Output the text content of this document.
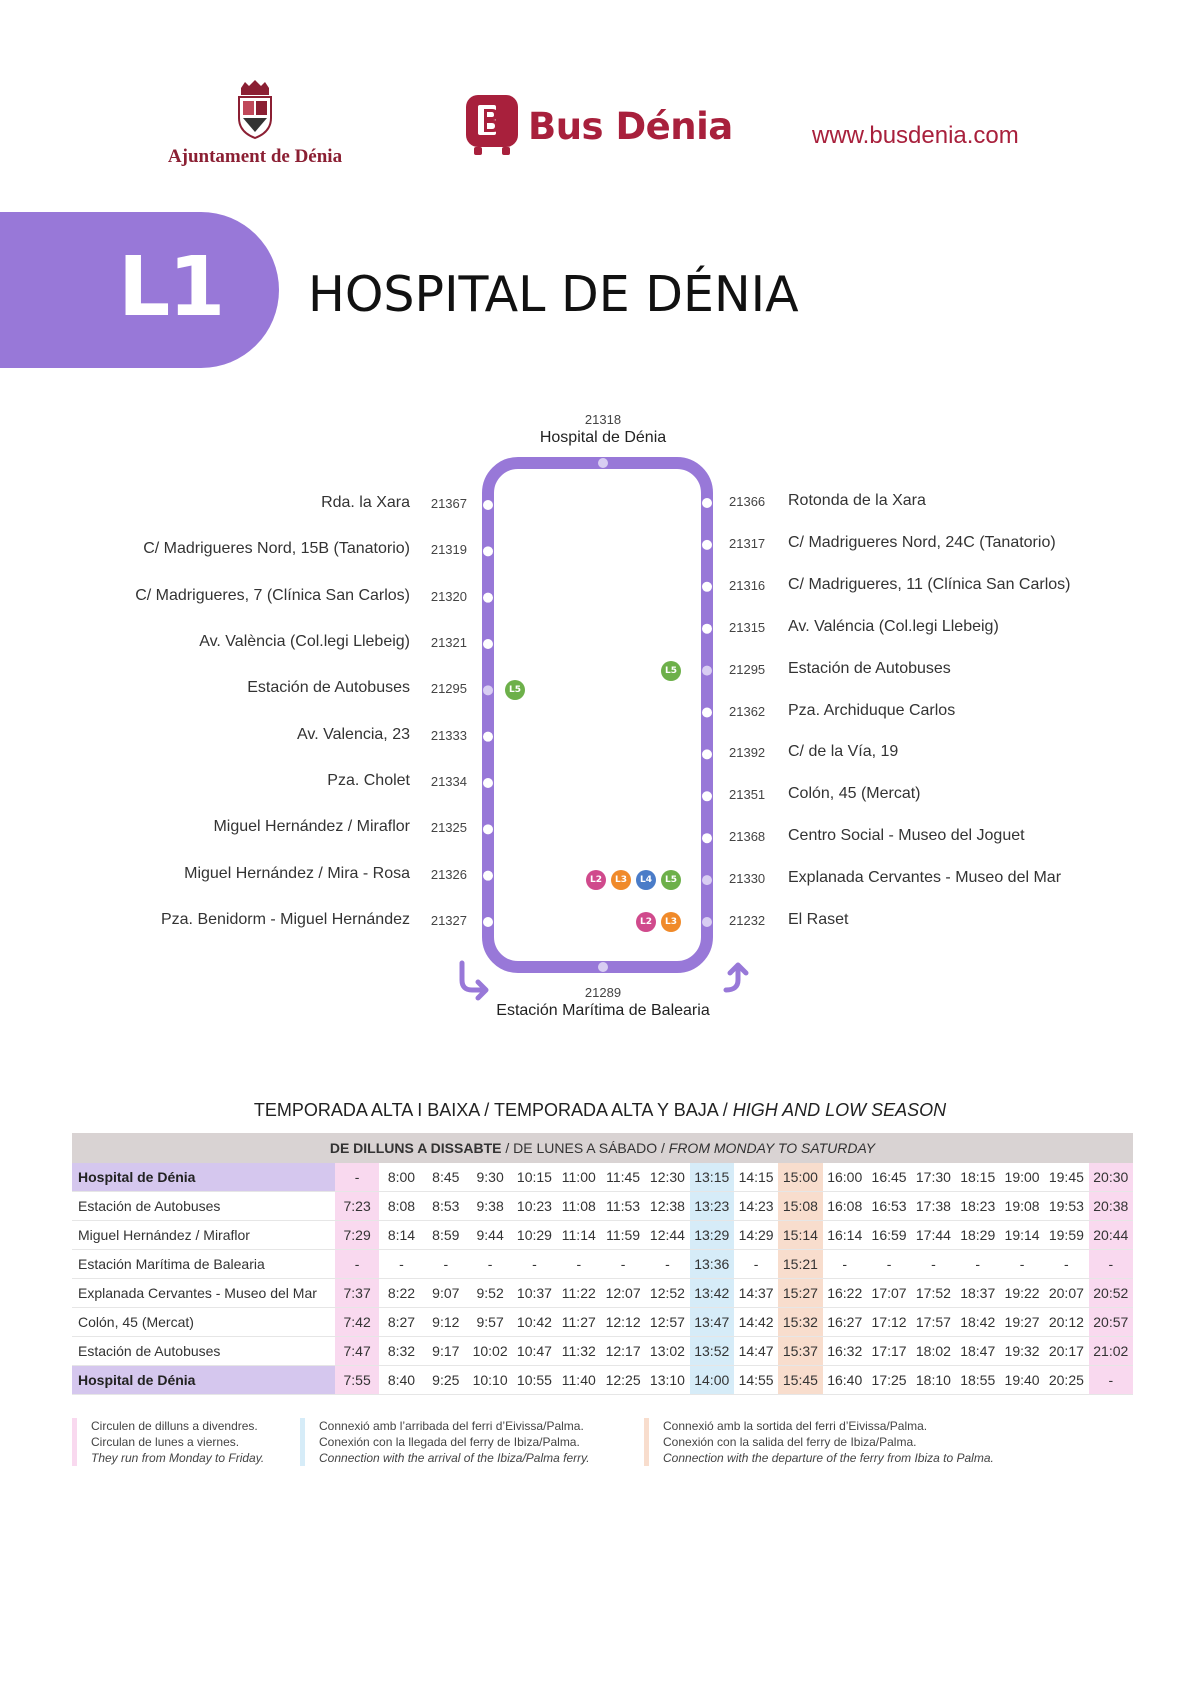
Ajuntament de Dénia
Bus Dénia	www.busdenia.com
L1 HOSPITAL DE DÉNIA
21318
Hospital de Dénia
21289
Estación Marítima de Balearia
21367
Rda. la Xara
21319
C/ Madrigueres Nord, 15B (Tanatorio)
21320
C/ Madrigueres, 7 (Clínica San Carlos)
21321
Av. València (Col.legi Llebeig)
21295
Estación de Autobuses	L5
21333
Av. Valencia, 23
21334
Pza. Cholet
21325
Miguel Hernández / Miraflor
21326
Miguel Hernández / Mira - Rosa
21327
Pza. Benidorm - Miguel Hernández
21366 Rotonda de la Xara
21317 C/ Madrigueres Nord, 24C (Tanatorio)
21316 C/ Madrigueres, 11 (Clínica San Carlos)
21315 Av. Valéncia (Col.legi Llebeig)
21295 Estación de Autobuses
L5
21362 Pza. Archiduque Carlos
21392 C/ de la Vía, 19
21351 Colón, 45 (Mercat)
21368 Centro Social - Museo del Joguet
21330 Explanada Cervantes - Museo del Mar
L2	L3	L4	L5
21232 El Raset
L2	L3
TEMPORADA ALTA I BAIXA / TEMPORADA ALTA Y BAJA / HIGH AND LOW SEASON
DE DILLUNS A DISSABTE / DE LUNES A SÁBADO / FROM MONDAY TO SATURDAY																		
Hospital de Dénia	-	8:00	8:45	9:30	10:15	11:00	11:45	12:30	13:15	14:15	15:00	16:00	16:45	17:30	18:15	19:00	19:45	20:30
Estación de Autobuses	7:23	8:08	8:53	9:38	10:23	11:08	11:53	12:38	13:23	14:23	15:08	16:08	16:53	17:38	18:23	19:08	19:53	20:38
Miguel Hernández / Miraflor	7:29	8:14	8:59	9:44	10:29	11:14	11:59	12:44	13:29	14:29	15:14	16:14	16:59	17:44	18:29	19:14	19:59	20:44
Estación Marítima de Balearia	-	-	-	-	-	-	-	-	13:36	-	15:21	-	-	-	-	-	-	-
Explanada Cervantes - Museo del Mar	7:37	8:22	9:07	9:52	10:37	11:22	12:07	12:52	13:42	14:37	15:27	16:22	17:07	17:52	18:37	19:22	20:07	20:52
Colón, 45 (Mercat)	7:42	8:27	9:12	9:57	10:42	11:27	12:12	12:57	13:47	14:42	15:32	16:27	17:12	17:57	18:42	19:27	20:12	20:57
Estación de Autobuses	7:47	8:32	9:17	10:02	10:47	11:32	12:17	13:02	13:52	14:47	15:37	16:32	17:17	18:02	18:47	19:32	20:17	21:02
Hospital de Dénia	7:55	8:40	9:25	10:10	10:55	11:40	12:25	13:10	14:00	14:55	15:45	16:40	17:25	18:10	18:55	19:40	20:25	-
Circulen de dilluns a divendres.
Circulan de lunes a viernes.
They run from Monday to Friday.
Connexió amb l’arribada del ferri d’Eivissa/Palma.
Conexión con la llegada del ferry de Ibiza/Palma.
Connection with the arrival of the Ibiza/Palma ferry.
Connexió amb la sortida del ferri d’Eivissa/Palma.
Conexión con la salida del ferry de Ibiza/Palma.
Connection with the departure of the ferry from Ibiza to Palma.
